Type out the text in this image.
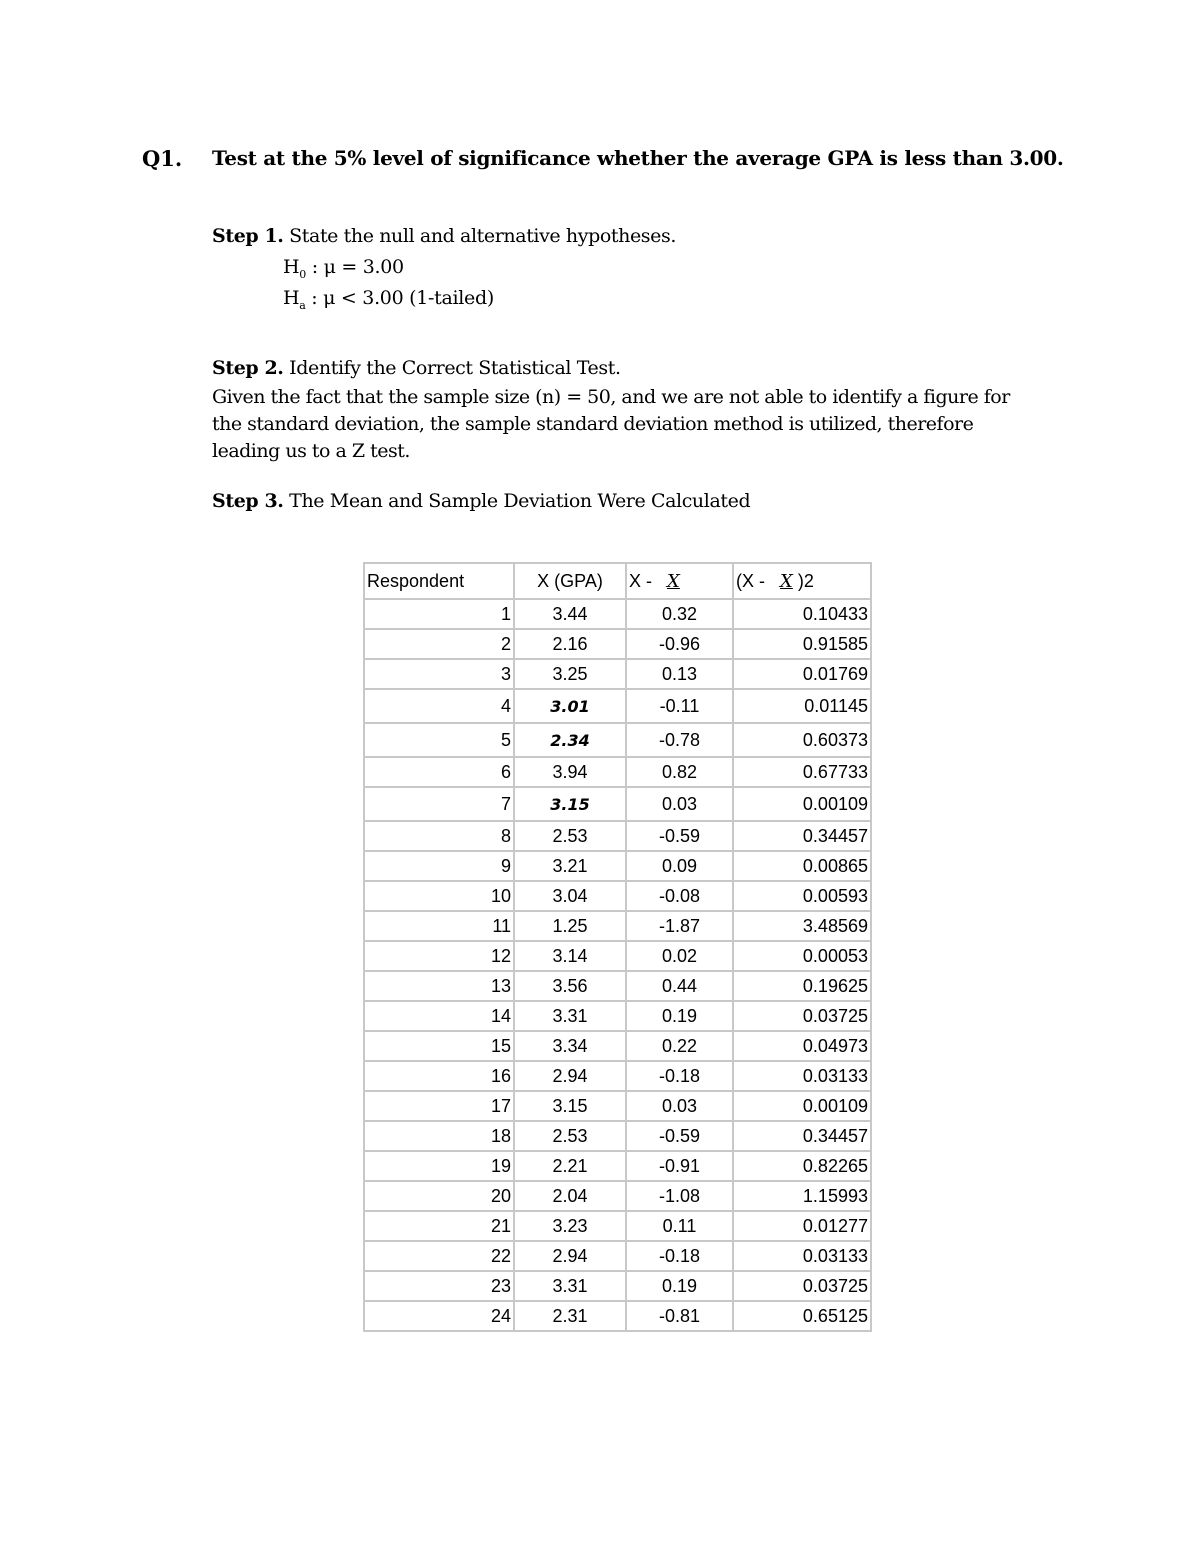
Q1. Test at the 5% level of significance whether the average GPA is less than 3.00.
Step 1. State the null and alternative hypotheses.
$H_0$ : μ = 3.00
$H_a$ : μ < 3.00 (1-tailed)
Step 2. Identify the Correct Statistical Test.
Given the fact that the sample size (n) = 50, and we are not able to identify a figure for the standard deviation, the sample standard deviation method is utilized, therefore leading us to a Z test.
Step 3. The Mean and Sample Deviation Were Calculated
Respondent	X (GPA)	X -   X	(X -   X )2
1	3.44	0.32	0.10433
2	2.16	-0.96	0.91585
3	3.25	0.13	0.01769
4	3.01	-0.11	0.01145
5	2.34	-0.78	0.60373
6	3.94	0.82	0.67733
7	3.15	0.03	0.00109
8	2.53	-0.59	0.34457
9	3.21	0.09	0.00865
10	3.04	-0.08	0.00593
11	1.25	-1.87	3.48569
12	3.14	0.02	0.00053
13	3.56	0.44	0.19625
14	3.31	0.19	0.03725
15	3.34	0.22	0.04973
16	2.94	-0.18	0.03133
17	3.15	0.03	0.00109
18	2.53	-0.59	0.34457
19	2.21	-0.91	0.82265
20	2.04	-1.08	1.15993
21	3.23	0.11	0.01277
22	2.94	-0.18	0.03133
23	3.31	0.19	0.03725
24	2.31	-0.81	0.65125
